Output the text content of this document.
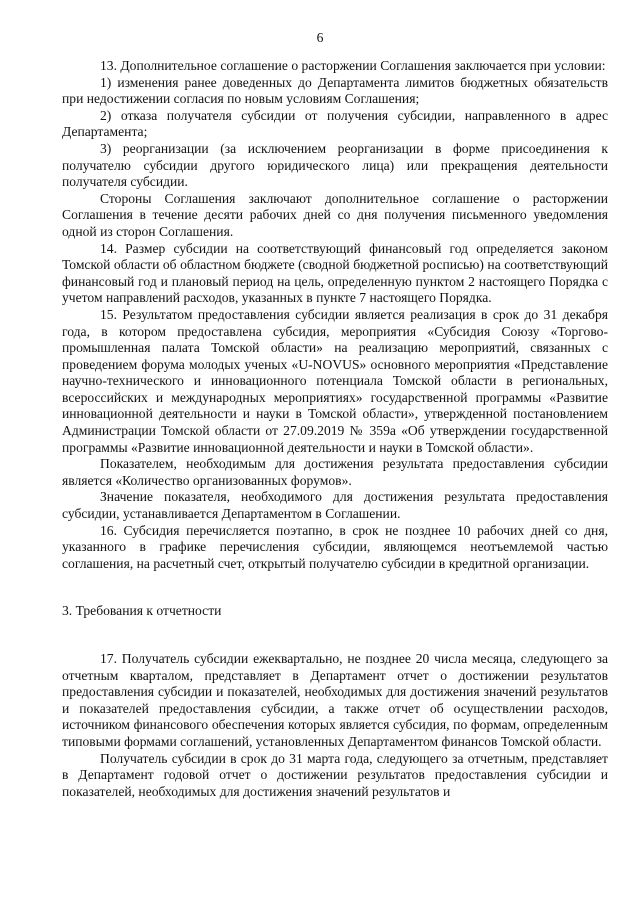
6

13. Дополнительное соглашение о расторжении Соглашения заключается при условии:

1) изменения ранее доведенных до Департамента лимитов бюджетных обязательств при недостижении согласия по новым условиям Соглашения;

2) отказа получателя субсидии от получения субсидии, направленного в адрес Департамента;

3) реорганизации (за исключением реорганизации в форме присоединения к получателю субсидии другого юридического лица) или прекращения деятельности получателя субсидии.

Стороны Соглашения заключают дополнительное соглашение о расторжении Соглашения в течение десяти рабочих дней со дня получения письменного уведомления одной из сторон Соглашения.

14. Размер субсидии на соответствующий финансовый год определяется законом Томской области об областном бюджете (сводной бюджетной росписью) на соответствующий финансовый год и плановый период на цель, определенную пунктом 2 настоящего Порядка с учетом направлений расходов, указанных в пункте 7 настоящего Порядка.

15. Результатом предоставления субсидии является реализация в срок до 31 декабря года, в котором предоставлена субсидия, мероприятия «Субсидия Союзу «Торгово-промышленная палата Томской области» на реализацию мероприятий, связанных с проведением форума молодых ученых «U-NOVUS» основного мероприятия «Представление научно-технического и инновационного потенциала Томской области в региональных, всероссийских и международных мероприятиях» государственной программы «Развитие инновационной деятельности и науки в Томской области», утвержденной постановлением Администрации Томской области от 27.09.2019 № 359а «Об утверждении государственной программы «Развитие инновационной деятельности и науки в Томской области».

Показателем, необходимым для достижения результата предоставления субсидии является «Количество организованных форумов».

Значение показателя, необходимого для достижения результата предоставления субсидии, устанавливается Департаментом в Соглашении.

16. Субсидия перечисляется поэтапно, в срок не позднее 10 рабочих дней со дня, указанного в графике перечисления субсидии, являющемся неотъемлемой частью соглашения, на расчетный счет, открытый получателю субсидии в кредитной организации.

3. Требования к отчетности

17. Получатель субсидии ежеквартально, не позднее 20 числа месяца, следующего за отчетным кварталом, представляет в Департамент отчет о достижении результатов предоставления субсидии и показателей, необходимых для достижения значений результатов и показателей предоставления субсидии, а также отчет об осуществлении расходов, источником финансового обеспечения которых является субсидия, по формам, определенным типовыми формами соглашений, установленных Департаментом финансов Томской области.

Получатель субсидии в срок до 31 марта года, следующего за отчетным, представляет в Департамент годовой отчет о достижении результатов предоставления субсидии и показателей, необходимых для достижения значений результатов и
